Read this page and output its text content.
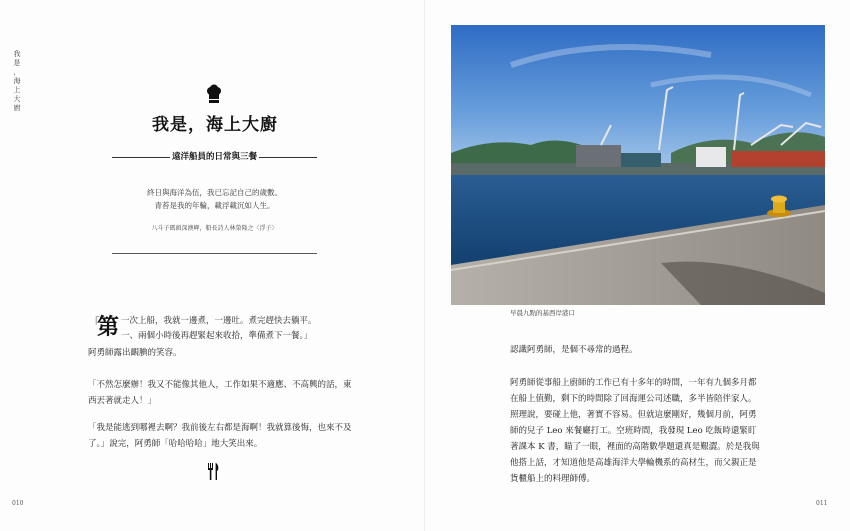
我
是
，
海
上
大
廚
我是，海上大廚
遠洋船員的日常與三餐
終日與海洋為伍，我已忘記自己的歲數。
青苔是我的年輪，載浮載沉如人生。
八斗子碼頭深澳岬，船長詩人林榮隆之〈浮子〉
「
第 一次上船，我就一邊煮，一邊吐。煮完趕快去躺平。
一、兩個小時後再趕緊起來收拾，準備煮下一餐。」
阿勇師露出靦腆的笑容。
「不然怎麼辦！我又不能像其他人，工作如果不適應、不高興的話，東西丟著就走人！」
「我是能逃到哪裡去啊？我前後左右都是海啊！我就算後悔，也來不及了。」說完，阿勇師「哈哈哈哈」地大笑出來。
010
早晨九點的基西岸港口
認識阿勇師，是個不尋常的過程。
阿勇師從事船上廚師的工作已有十多年的時間，一年有九個多月都在船上值勤，剩下的時間除了回海運公司述職，多半皆陪伴家人。照理說，要碰上他，著實不容易。但就這麼剛好，幾個月前，阿勇師的兒子 Leo 來餐廳打工。空班時間，我發現 Leo 吃飯時還緊盯著課本 K 書，瞄了一眼，裡面的高階數學題還真是艱澀。於是我與他搭上話，才知道他是高雄海洋大學輪機系的高材生，而父親正是貨櫃船上的料理師傅。
011
